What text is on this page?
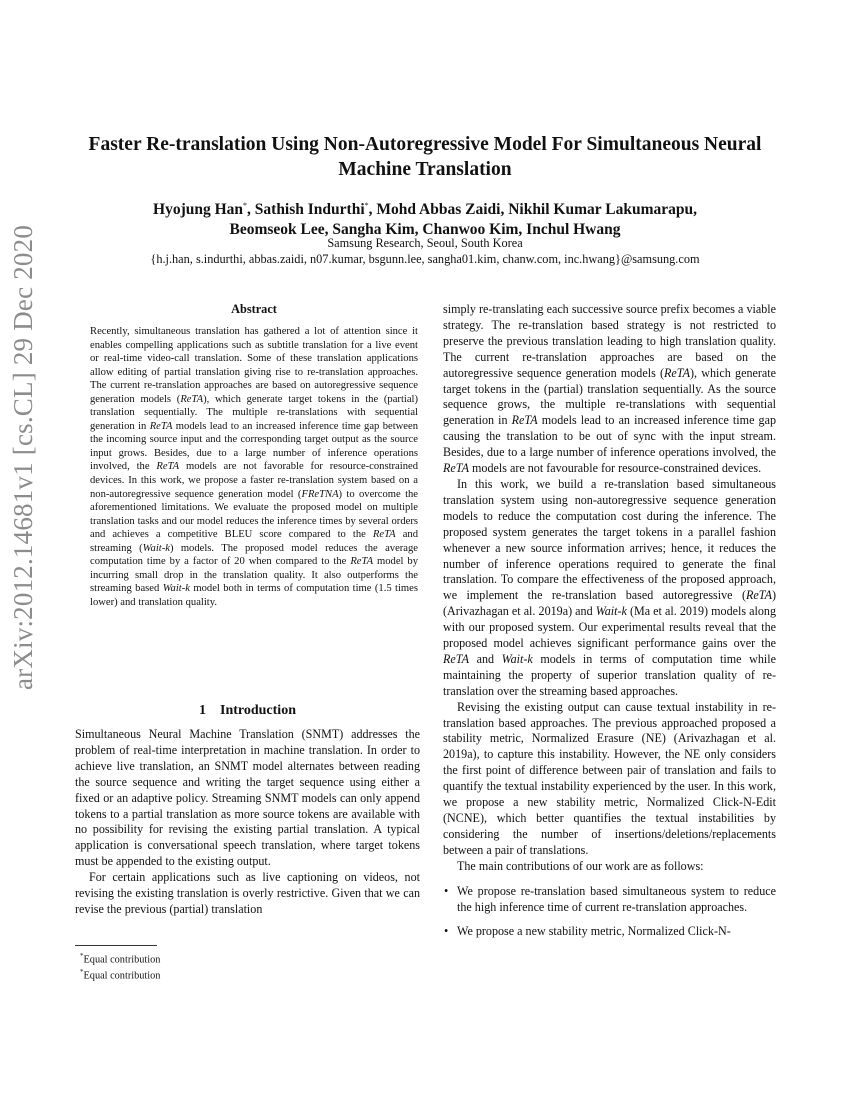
arXiv:2012.14681v1 [cs.CL] 29 Dec 2020
Faster Re-translation Using Non-Autoregressive Model For Simultaneous Neural Machine Translation
Hyojung Han*, Sathish Indurthi*, Mohd Abbas Zaidi, Nikhil Kumar Lakumarapu,
Beomseok Lee, Sangha Kim, Chanwoo Kim, Inchul Hwang
Samsung Research, Seoul, South Korea
{h.j.han, s.indurthi, abbas.zaidi, n07.kumar, bsgunn.lee, sangha01.kim, chanw.com, inc.hwang}@samsung.com
Abstract
Recently, simultaneous translation has gathered a lot of attention since it enables compelling applications such as subtitle translation for a live event or real-time video-call translation. Some of these translation applications allow editing of partial translation giving rise to re-translation approaches. The current re-translation approaches are based on autoregressive sequence generation models (ReTA), which generate target tokens in the (partial) translation sequentially. The multiple re-translations with sequential generation in ReTA models lead to an increased inference time gap between the incoming source input and the corresponding target output as the source input grows. Besides, due to a large number of inference operations involved, the ReTA models are not favorable for resource-constrained devices. In this work, we propose a faster re-translation system based on a non-autoregressive sequence generation model (FReTNA) to overcome the aforementioned limitations. We evaluate the proposed model on multiple translation tasks and our model reduces the inference times by several orders and achieves a competitive BLEU score compared to the ReTA and streaming (Wait-k) models. The proposed model reduces the average computation time by a factor of 20 when compared to the ReTA model by incurring small drop in the translation quality. It also outperforms the streaming based Wait-k model both in terms of computation time (1.5 times lower) and translation quality.
1 Introduction

Simultaneous Neural Machine Translation (SNMT) addresses the problem of real-time interpretation in machine translation. In order to achieve live translation, an SNMT model alternates between reading the source sequence and writing the target sequence using either a fixed or an adaptive policy. Streaming SNMT models can only append tokens to a partial translation as more source tokens are available with no possibility for revising the existing partial translation. A typical application is conversational speech translation, where target tokens must be appended to the existing output.

For certain applications such as live captioning on videos, not revising the existing translation is overly restrictive. Given that we can revise the previous (partial) translation

*Equal contribution
*Equal contribution

simply re-translating each successive source prefix becomes a viable strategy. The re-translation based strategy is not restricted to preserve the previous translation leading to high translation quality. The current re-translation approaches are based on the autoregressive sequence generation models (ReTA), which generate target tokens in the (partial) translation sequentially. As the source sequence grows, the multiple re-translations with sequential generation in ReTA models lead to an increased inference time gap causing the translation to be out of sync with the input stream. Besides, due to a large number of inference operations involved, the ReTA models are not favourable for resource-constrained devices.

In this work, we build a re-translation based simultaneous translation system using non-autoregressive sequence generation models to reduce the computation cost during the inference. The proposed system generates the target tokens in a parallel fashion whenever a new source information arrives; hence, it reduces the number of inference operations required to generate the final translation. To compare the effectiveness of the proposed approach, we implement the re-translation based autoregressive (ReTA) (Arivazhagan et al. 2019a) and Wait-k (Ma et al. 2019) models along with our proposed system. Our experimental results reveal that the proposed model achieves significant performance gains over the ReTA and Wait-k models in terms of computation time while maintaining the property of superior translation quality of re-translation over the streaming based approaches.

Revising the existing output can cause textual instability in re-translation based approaches. The previous approached proposed a stability metric, Normalized Erasure (NE) (Arivazhagan et al. 2019a), to capture this instability. However, the NE only considers the first point of difference between pair of translation and fails to quantify the textual instability experienced by the user. In this work, we propose a new stability metric, Normalized Click-N-Edit (NCNE), which better quantifies the textual instabilities by considering the number of insertions/deletions/replacements between a pair of translations.

The main contributions of our work are as follows:

• We propose re-translation based simultaneous system to reduce the high inference time of current re-translation approaches.
• We propose a new stability metric, Normalized Click-N-
